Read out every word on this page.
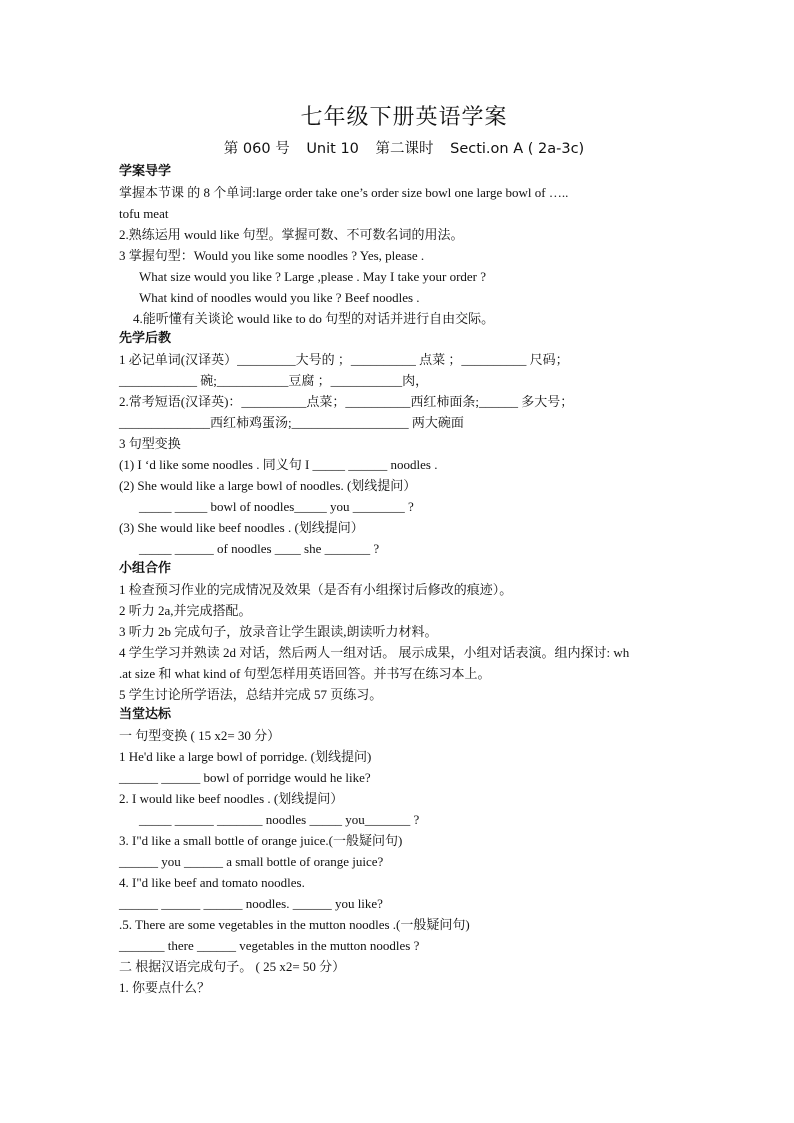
七年级下册英语学案
第 060 号 Unit 10 第二课时 Secti.on A ( 2a-3c)
学案导学
掌握本节课 的 8 个单词:large order take one’s order size bowl one large bowl of …..
tofu meat
2.熟练运用 would like 句型。掌握可数、不可数名词的用法。
3 掌握句型：Would you like some noodles ? Yes, please .
What size would you like ? Large ,please . May I take your order ?
What kind of noodles would you like ? Beef noodles .
4.能听懂有关谈论 would like to do 句型的对话并进行自由交际。
先学后教
1 必记单词(汉译英）_________大号的 ；__________ 点菜 ；__________ 尺码；
____________ 碗;___________豆腐 ；___________肉，
2.常考短语(汉译英)：__________点菜；__________西红柿面条;______ 多大号；
______________西红柿鸡蛋汤;__________________ 两大碗面
3 句型变换
(1) I ‘d like some noodles . 同义句 I _____ ______ noodles .
(2) She would like a large bowl of noodles. (划线提问）
_____ _____ bowl of noodles_____ you ________ ?
(3) She would like beef noodles . (划线提问）
_____ ______ of noodles ____ she _______ ?
小组合作
1 检查预习作业的完成情况及效果（是否有小组探讨后修改的痕迹）。
2 听力 2a,并完成搭配。
3 听力 2b 完成句子，放录音让学生跟读,朗读听力材料。
4 学生学习并熟读 2d 对话，然后两人一组对话。 展示成果，小组对话表演。组内探讨: wh
.at size 和 what kind of 句型怎样用英语回答。并书写在练习本上。
5 学生讨论所学语法，总结并完成 57 页练习。
当堂达标
一 句型变换 ( 15 x2= 30 分）
1 He'd like a large bowl of porridge. (划线提问)
______ ______ bowl of porridge would he like?
2. I would like beef noodles . (划线提问）
_____ ______ _______ noodles _____ you_______ ?
3. I"d like a small bottle of orange juice.(一般疑问句)
______ you ______ a small bottle of orange juice?
4. I"d like beef and tomato noodles.
______ ______ ______ noodles. ______ you like?
.5. There are some vegetables in the mutton noodles .(一般疑问句)
_______ there ______ vegetables in the mutton noodles ?
二 根据汉语完成句子。 ( 25 x2= 50 分）
1. 你要点什么？
